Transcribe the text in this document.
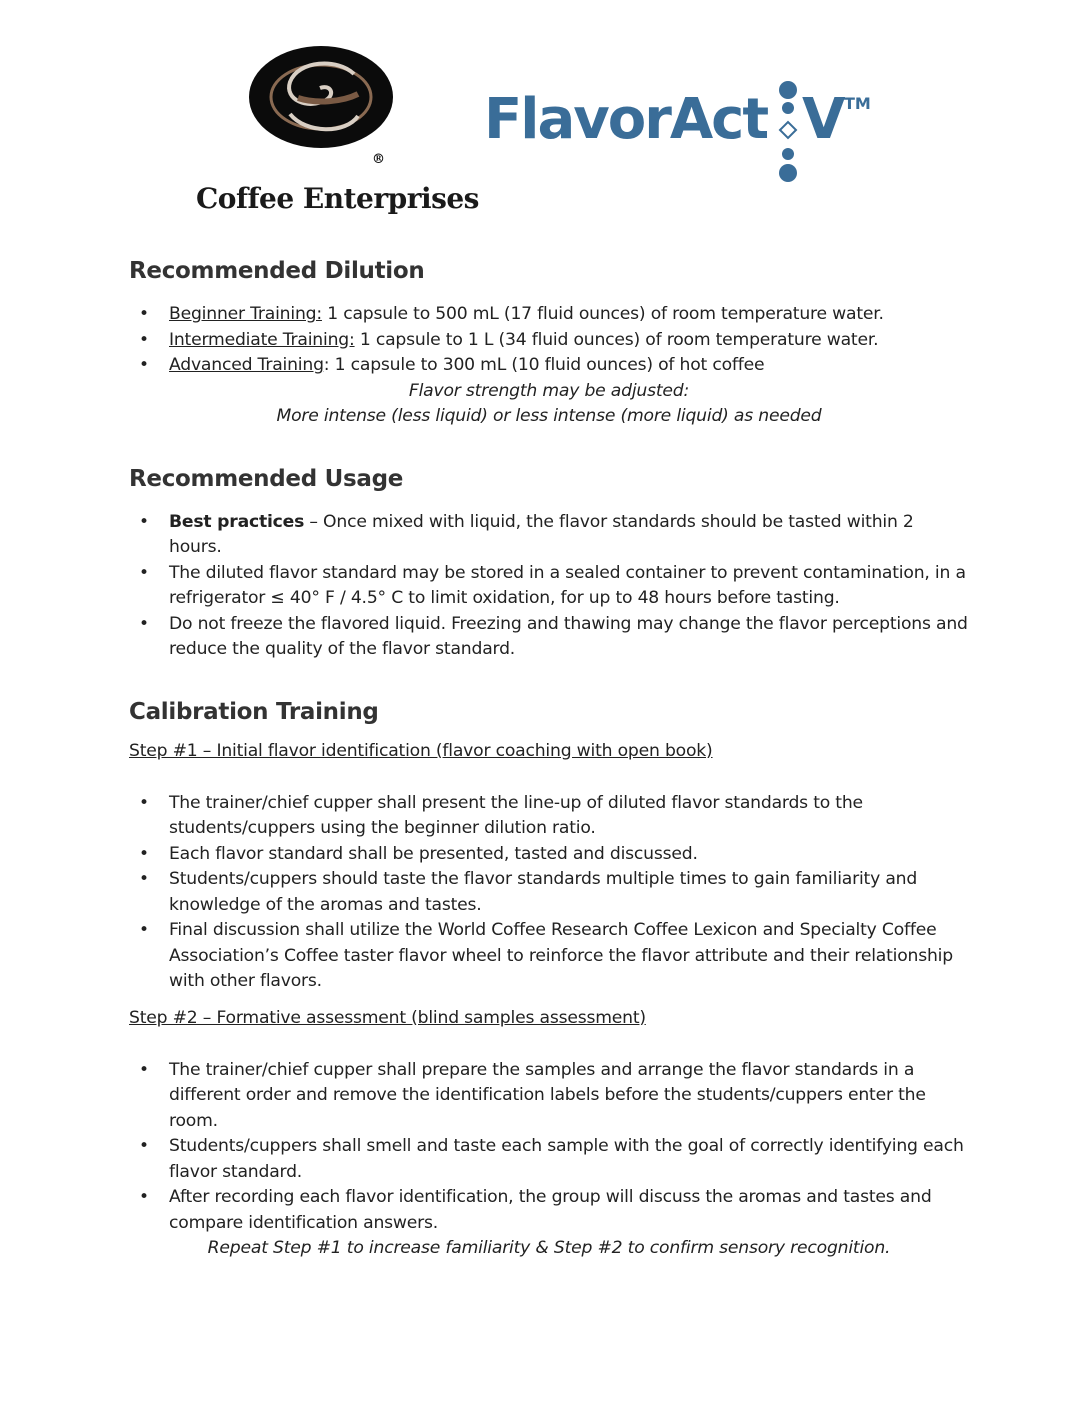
®
Coffee Enterprises
FlavorAct V
TM
Recommended Dilution
• Beginner Training: 1 capsule to 500 mL (17 fluid ounces) of room temperature water.
• Intermediate Training: 1 capsule to 1 L (34 fluid ounces) of room temperature water.
• Advanced Training: 1 capsule to 300 mL (10 fluid ounces) of hot coffee
Flavor strength may be adjusted:
More intense (less liquid) or less intense (more liquid) as needed
Recommended Usage
• Best practices – Once mixed with liquid, the flavor standards should be tasted within 2 hours.
• The diluted flavor standard may be stored in a sealed container to prevent contamination, in a refrigerator ≤ 40° F / 4.5° C to limit oxidation, for up to 48 hours before tasting.
• Do not freeze the flavored liquid. Freezing and thawing may change the flavor perceptions and reduce the quality of the flavor standard.
Calibration Training
Step #1 – Initial flavor identification (flavor coaching with open book)
• The trainer/chief cupper shall present the line-up of diluted flavor standards to the students/cuppers using the beginner dilution ratio.
• Each flavor standard shall be presented, tasted and discussed.
• Students/cuppers should taste the flavor standards multiple times to gain familiarity and knowledge of the aromas and tastes.
• Final discussion shall utilize the World Coffee Research Coffee Lexicon and Specialty Coffee Association’s Coffee taster flavor wheel to reinforce the flavor attribute and their relationship with other flavors.
Step #2 – Formative assessment (blind samples assessment)
• The trainer/chief cupper shall prepare the samples and arrange the flavor standards in a different order and remove the identification labels before the students/cuppers enter the room.
• Students/cuppers shall smell and taste each sample with the goal of correctly identifying each flavor standard.
• After recording each flavor identification, the group will discuss the aromas and tastes and compare identification answers.
Repeat Step #1 to increase familiarity & Step #2 to confirm sensory recognition.
